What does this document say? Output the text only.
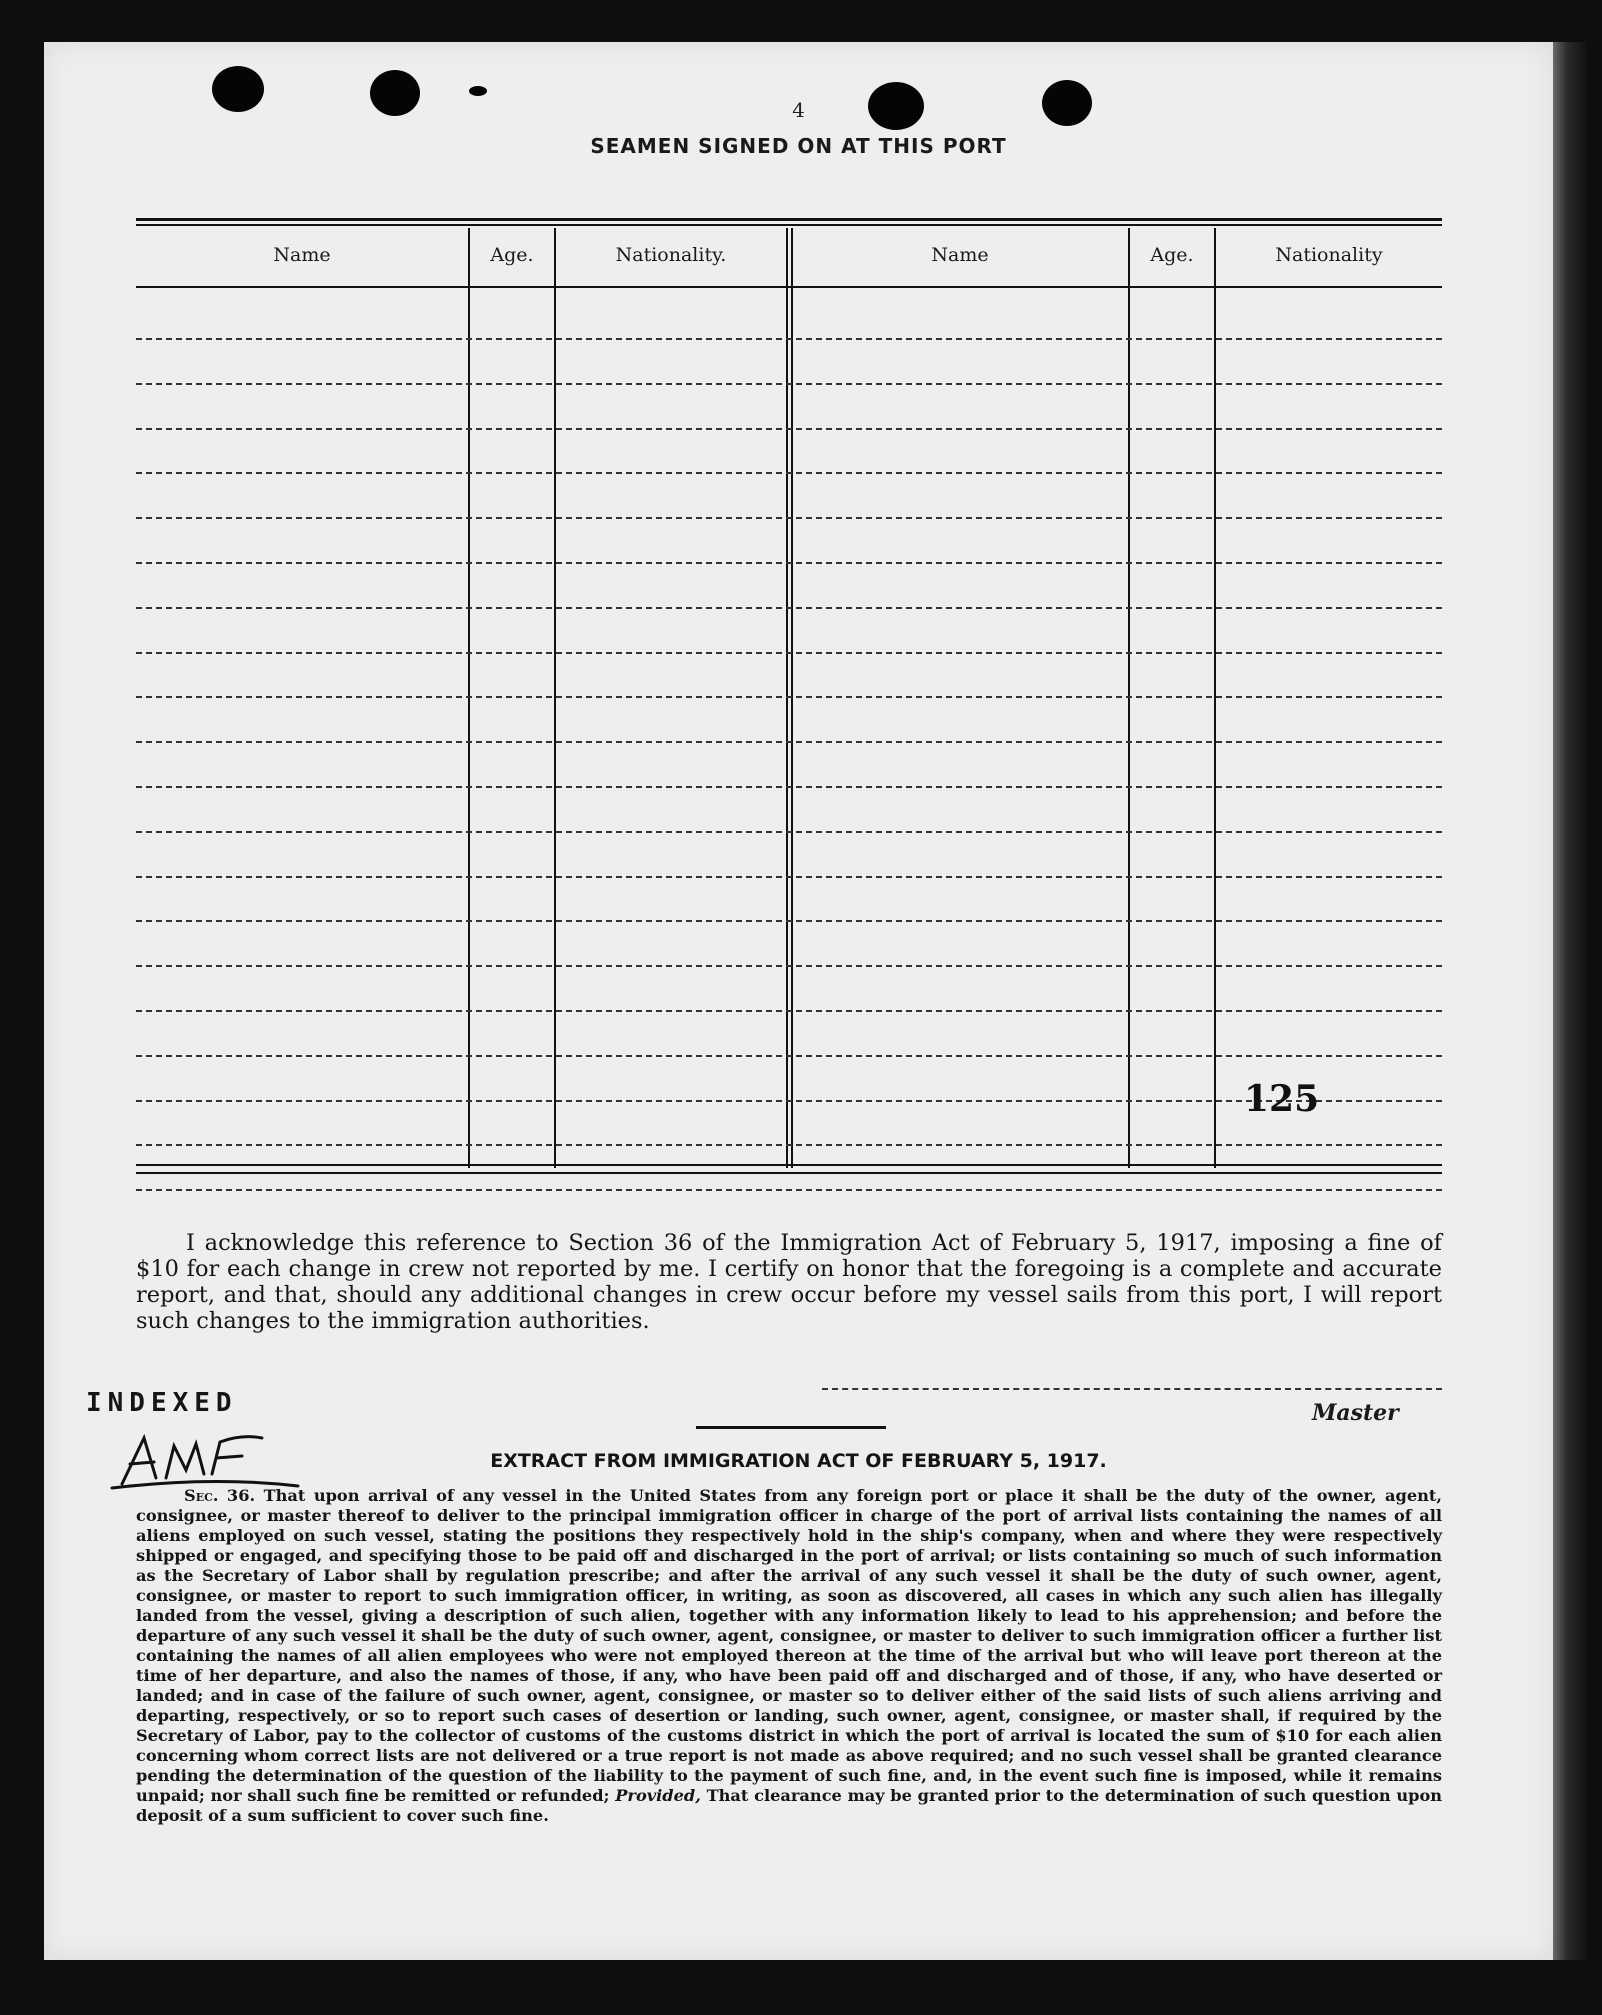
4
SEAMEN SIGNED ON AT THIS PORT
Name	Age.	Nationality.	Name	Age.	Nationality
125
I acknowledge this reference to Section 36 of the Immigration Act of February 5, 1917, imposing a fine of $10 for each change in crew not reported by me. I certify on honor that the foregoing is a complete and accurate report, and that, should any additional changes in crew occur before my vessel sails from this port, I will report such changes to the immigration authorities.
Master
INDEXED
EXTRACT FROM IMMIGRATION ACT OF FEBRUARY 5, 1917.
Sec. 36. That upon arrival of any vessel in the United States from any foreign port or place it shall be the duty of the owner, agent, consignee, or master thereof to deliver to the principal immigration officer in charge of the port of arrival lists containing the names of all aliens employed on such vessel, stating the positions they respectively hold in the ship's company, when and where they were respectively shipped or engaged, and specifying those to be paid off and discharged in the port of arrival; or lists containing so much of such information as the Secretary of Labor shall by regulation prescribe; and after the arrival of any such vessel it shall be the duty of such owner, agent, consignee, or master to report to such immigration officer, in writing, as soon as discovered, all cases in which any such alien has illegally landed from the vessel, giving a description of such alien, together with any information likely to lead to his apprehension; and before the departure of any such vessel it shall be the duty of such owner, agent, consignee, or master to deliver to such immigration officer a further list containing the names of all alien employees who were not employed thereon at the time of the arrival but who will leave port thereon at the time of her departure, and also the names of those, if any, who have been paid off and discharged and of those, if any, who have deserted or landed; and in case of the failure of such owner, agent, consignee, or master so to deliver either of the said lists of such aliens arriving and departing, respectively, or so to report such cases of desertion or landing, such owner, agent, consignee, or master shall, if required by the Secretary of Labor, pay to the collector of customs of the customs district in which the port of arrival is located the sum of $10 for each alien concerning whom correct lists are not delivered or a true report is not made as above required; and no such vessel shall be granted clearance pending the determination of the question of the liability to the payment of such fine, and, in the event such fine is imposed, while it remains unpaid; nor shall such fine be remitted or refunded; Provided, That clearance may be granted prior to the determination of such question upon deposit of a sum sufficient to cover such fine.
